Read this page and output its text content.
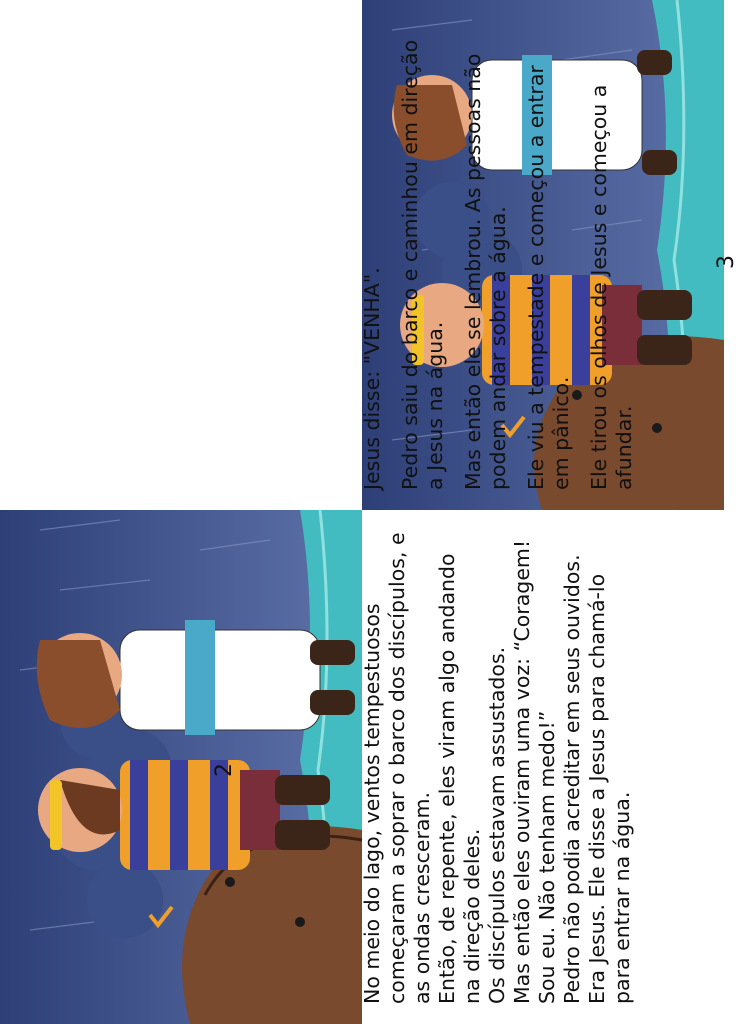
No meio do lago, ventos tempestuosos começaram a soprar o barco dos discípulos, e as ondas cresceram. Então, de repente, eles viram algo andando na direção deles. Os discípulos estavam assustados. Mas então eles ouviram uma voz: “Coragem! Sou eu. Não tenham medo!” Pedro não podia acreditar em seus ouvidos. Era Jesus. Ele disse a Jesus para chamá-lo para entrar na água.

Jesus disse: "VENHA". Pedro saiu do barco e caminhou em direção a Jesus na água. Mas então ele se lembrou. As pessoas não podem andar sobre a água. Ele viu a tempestade e começou a entrar em pânico. Ele tirou os olhos de Jesus e começou a afundar.

2
3
